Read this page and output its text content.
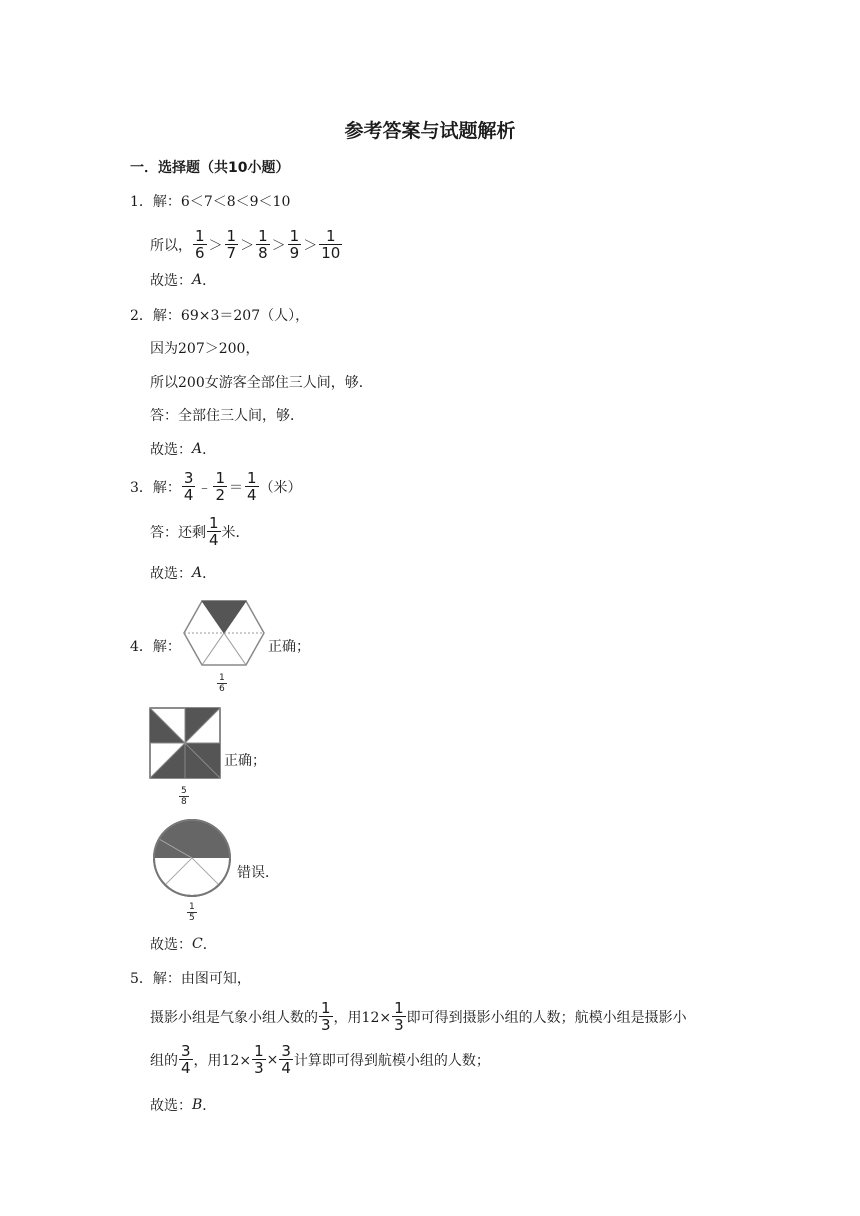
参考答案与试题解析
一．选择题（共10小题）
1． 解：6＜7＜8＜9＜10
所以， $\frac{1}{6} > \frac{1}{7} > \frac{1}{8} > \frac{1}{9} > \frac{1}{10}$
故选： A ．
2． 解：69×3＝207（人），
因为207＞200，
所以200女游客全部住三人间，够．
答：全部住三人间，够．
故选： A ．
3． 解： $\frac{3}{4}$ ﹣ $\frac{1}{2} = \frac{1}{4}$ （米）
答：还剩 $\frac{1}{4}$ 米．
故选： A ．
4． 解：
1
6
正确；
5
8
正确；
1
5
错误．
故选： C ．
5． 解：由图可知，
摄影小组是气象小组人数的 $\frac{1}{3}$ ，用$12\times \frac{1}{3}$ 即可得到摄影小组的人数；航模小组是摄影小
组的 $\frac{3}{4}$ ，用$12\times \frac{1}{3} \times \frac{3}{4}$ 计算即可得到航模小组的人数；
故选： B ．
